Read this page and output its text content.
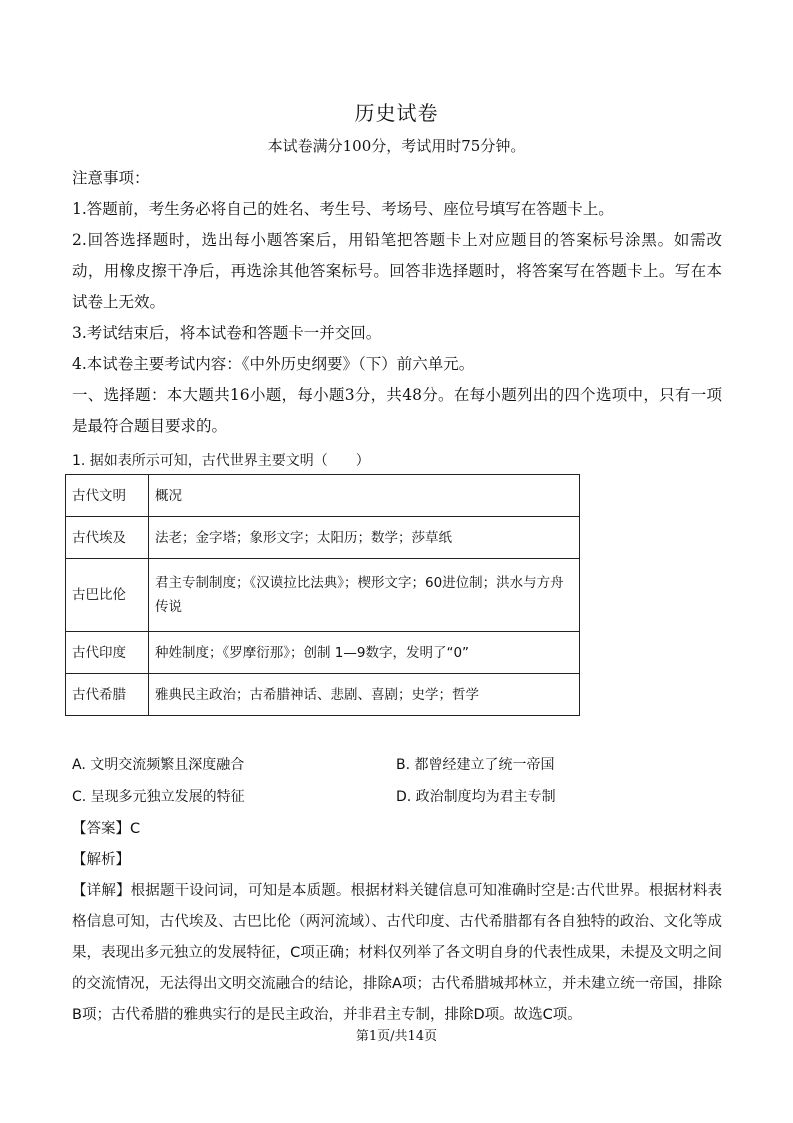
历史试卷
本试卷满分100分，考试用时75分钟。

注意事项：

1.答题前，考生务必将自己的姓名、考生号、考场号、座位号填写在答题卡上。

2.回答选择题时，选出每小题答案后，用铅笔把答题卡上对应题目的答案标号涂黑。如需改动，用橡皮擦干净后，再选涂其他答案标号。回答非选择题时，将答案写在答题卡上。写在本试卷上无效。

3.考试结束后，将本试卷和答题卡一并交回。

4.本试卷主要考试内容：《中外历史纲要》（下）前六单元。

一、选择题：本大题共16小题，每小题3分，共48分。在每小题列出的四个选项中，只有一项是最符合题目要求的。

1. 据如表所示可知，古代世界主要文明（　　）
古代文明	概况
古代埃及	法老；金字塔；象形文字；太阳历；数学；莎草纸
古巴比伦	君主专制制度；《汉谟拉比法典》；楔形文字；60进位制；洪水与方舟传说
古代印度	种姓制度；《罗摩衍那》；创制 1—9数字，发明了“0”
古代希腊	雅典民主政治；古希腊神话、悲剧、喜剧；史学；哲学
A. 文明交流频繁且深度融合	B. 都曾经建立了统一帝国
C. 呈现多元独立发展的特征	D. 政治制度均为君主专制
【答案】C
【解析】

【详解】根据题干设问词，可知是本质题。根据材料关键信息可知准确时空是:古代世界。根据材料表格信息可知，古代埃及、古巴比伦（两河流域）、古代印度、古代希腊都有各自独特的政治、文化等成果，表现出多元独立的发展特征，C项正确；材料仅列举了各文明自身的代表性成果，未提及文明之间的交流情况，无法得出文明交流融合的结论，排除A项；古代希腊城邦林立，并未建立统一帝国，排除B项；古代希腊的雅典实行的是民主政治，并非君主专制，排除D项。故选C项。

第1页/共14页
